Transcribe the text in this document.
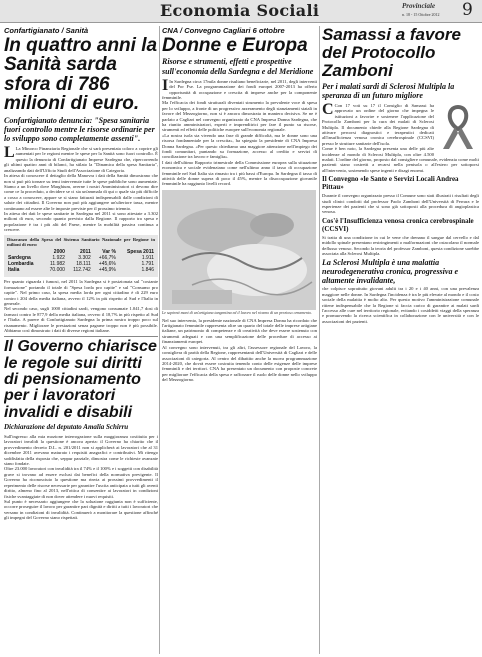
Economia Sociali	Provinciale
n. 18 - 15 Ottobre 2012 9

Confartigianato / Sanità

In quattro anni la Sanità sarda sfora di 786 milioni di euro.

Confartigianato denuncia: "Spesa sanitaria fuori controllo mentre le risorse ordinarie per lo sviluppo sono completamente assenti".

L La Minorco Finanziaria Regionale che si sarà presentata coloro a coprire gli aumentati per le regioni mentre le spese per la Sanità sono fuori controllo. È questo la denuncia di Confartigianato Imprese Sardegna che, ripercorrendo gli ultimi quattro anni di bilanci, ha stilato la "Dinamica della spesa Sanitaria", analizzando dati dell'Ufficio Studi dell'Associazione di Categoria.

In attesa di conoscere il dettaglio della Manovra i dati della Sanità dimostrano che non si può più tornare su temi intervenute tutte le spese pubbliche sono aumentate. Siamo a un livello dove Marghium, averne i nostri Amministratori ci devono dire come ce la proceduto, a decidere se ci sia un'ammala di qui o quale sia più difficile a cosso a conoscere, appare se si siano fatturati indispensabili dalle condizioni di salute dei cittadini. Il Governo non può più aggiungere un'ulteriore tassa, mentre continuano ad essere alte le imposte previste per il prossimo triennio.

In attesa dei dati le spese sanitarie in Sardegna nel 2011 si sono attestate a 3.302 milioni di euro, secondo quanto previsto dalla Regione. Il rapporto tra spesa e popolazione è tra i più alti del Paese, mentre la mobilità passiva continua a crescere.

Disavanzo della Spesa del Sistema Sanitario Nazionale per Regione in milioni di euro:

	2000	2011	Var %	Spesa 2011
Sardegna	1.922	3.302	+66,7%	1.911
Lombardia	11.982	18.111	+45,6%	1.791
Italia	70.000	112.742	+45,9%	1.846

Per quanto riguarda i fumosi, nel 2011 la Sardegna si è posizionata sul "costante formazione" portando il totale di "Spesa lorda pro capite" e sul "Consumo pro capite". Nel primo caso, la spesa media lorda per ogni cittadino è di 229 euro contro i 204 della media italiana, avvero il 12% in più rispetto al Sud e l'Italia in generale.

Nel secondo caso, sugli 1000 cittadini sardi, vengono consumate 1.041,7 dosi di farmaci contro le 877,9 della media italiana, ovvero il 18,7% in più rispetto al Sud e l'Italia. A parere di Confartigianato Sardegna la prima nostra troppo poco sul risanamento. Migliorare le prestazioni senza pagarne troppo non è più possibile. Abbiamo così dimostrato i dati di diverse regioni italiane.

Il Governo chiarisce le regole sui diritti di pensionamento per i lavoratori invalidi e disabili

Dichiarazione del deputato Amalia Schirru

Sull'ingresso alla mia mozione interrogazione sulla maggioranza costituita per i lavoratori invalidi la questione è ancora aperta: il Governo ha chiarito che il provvedimento decreto D.L. n. 201/2011 non si applicherà ai lavoratori che al 31 dicembre 2011 avevano maturato i requisiti anagrafici e contributivi. Mi ritengo soddisfatta della risposta che, seppur parziale, dimostra come le richieste avanzate siano fondate.

Oltre 23.000 lavoratori con invalidità tra il 74% e il 100% e i soggetti con disabilità grave si trovano ad essere esclusi dai benefici della normativa previgente. Il Governo ha riconosciuto la questione ma rinvia ai prossimi provvedimenti il reperimento delle risorse necessarie per garantire l'uscita anticipata a tutti gli aventi diritto, almeno fino al 2013, nell'ottica di consentire ai lavoratori in condizioni fisiche svantaggiate di non dover attendere i nuovi requisiti.

Sul punto è necessario aggiungere che la soluzione raggiunta non è sufficiente, occorre proseguire il lavoro per garantire pari dignità e diritti a tutti i lavoratori che versano in condizioni di invalidità. Continuerò a monitorare la questione affinché gli impegni del Governo siano rispettati.

CNA / Convegno Cagliari 6 ottobre

Donne e Europa

Risorse e strumenti, effetti e prospettive sull'economia della Sardegna e del Meridione

I In Sardegna circa 17mila donne risultano beneficiarie, nel 2011, degli interventi del Por Fse. La programmazione dei fondi europei 2007-2013 ha offerto opportunità di occupazione e crescita di imprese anche per la componente femminile.

Ma l'efficacia dei fondi strutturali diventati strumento la prevalente voce di spesa per lo sviluppo, a fronte di un progressivo azzeramento degli stanziamenti statali in favore del Mezzogiorno, non si è ancora dimostrata in maniera decisiva. Se ne è parlato a Cagliari nel convegno organizzato da CNA Impresa Donna Sardegna, che ha riunito amministratori, esperti e imprenditrici per fare il punto su risorse, strumenti ed effetti delle politiche europee sull'economia regionale.

«La nostra isola sta vivendo una fase di grande difficoltà, ma le donne sono una risorsa fondamentale per la crescita», ha spiegato la presidente di CNA Impresa Donna Sardegna. «Per questo chiediamo una maggiore attenzione nell'impiego dei fondi comunitari, puntando su formazione, accesso al credito e servizi di conciliazione tra lavoro e famiglia».

I dati dell'ultimo Rapporto trimestrale della Commissione europea sulla situazione economica e sociale evidenziano come nell'ultimo anno il tasso di occupazione femminile nel Sud Italia sia rimasto tra i più bassi d'Europa. In Sardegna il tasso di attività delle donne supera di poco il 45%, mentre la disoccupazione giovanile femminile ha raggiunto livelli record.

Le sapienti mani di un'artigiana tangentina ed il lavoro nel ricamo di un prezioso ornamento.

Nel suo intervento, la presidente nazionale di CNA Impresa Donna ha ricordato che l'artigianato femminile rappresenta oltre un quarto del totale delle imprese artigiane italiane, un patrimonio di competenze e di creatività che deve essere sostenuto con strumenti adeguati e con una semplificazione delle procedure di accesso ai finanziamenti europei.

Al convegno sono intervenuti, tra gli altri, l'assessore regionale del Lavoro, la consigliera di parità della Regione, rappresentanti dell'Università di Cagliari e delle associazioni di categoria. Al centro del dibattito anche la nuova programmazione 2014-2020, che dovrà essere costruita tenendo conto delle esigenze delle imprese femminili e dei territori. CNA ha presentato un documento con proposte concrete per migliorare l'efficacia della spesa e rafforzare il ruolo delle donne nello sviluppo del Mezzogiorno.

Samassi a favore del Protocollo Zamboni

Per i malati sardi di Sclerosi Multipla la speranza di un futuro migliore

C Con 17 voti su 17 il Consiglio di Samassi ha approvato un ordine del giorno che impegna le istituzioni a favorire e sostenere l'applicazione del Protocollo Zamboni per la cura dei malati di Sclerosi Multipla. Il documento chiede alla Regione Sardegna di attivare percorsi diagnostici e terapeutici dedicati all'insufficienza venosa cronica cerebrospinale (CCSVI) presso le strutture sanitarie dell'isola.

Come è ben noto, la Sardegna presenta una delle più alte incidenze al mondo di Sclerosi Multipla, con oltre 4.500 malati. L'ordine del giorno, proposto dal consigliere comunale, evidenzia come molti pazienti siano costretti a recarsi nella penisola o all'estero per sottoporsi all'intervento, sostenendo spese ingenti e disagi enormi.

Il Convegno «le Sante e Servizi Locali Andrea Pittau»

Durante il convegno organizzato presso il Comune sono stati illustrati i risultati degli studi clinici condotti dal professor Paolo Zamboni dell'Università di Ferrara e le esperienze dei pazienti che si sono già sottoposti alla procedura di angioplastica venosa.

Cos'è l'Insufficienza venosa cronica cerebrospinale (CCSVI)

Si tratta di una condizione in cui le vene che drenano il sangue dal cervello e dal midollo spinale presentano restringimenti o malformazioni che ostacolano il normale deflusso venoso. Secondo la teoria del professor Zamboni, questa condizione sarebbe associata alla Sclerosi Multipla.

La Sclerosi Multipla è una malattia neurodegenerativa cronica, progressiva e altamente invalidante,

che colpisce soprattutto giovani adulti tra i 20 e i 40 anni, con una prevalenza maggiore nelle donne. In Sardegna l'incidenza è tra le più elevate al mondo e il costo sociale della malattia è molto alto. Per questo motivo l'amministrazione comunale ritiene indispensabile che la Regione si faccia carico di garantire ai malati sardi l'accesso alle cure nel territorio regionale, evitando i cosiddetti viaggi della speranza e promuovendo la ricerca scientifica in collaborazione con le università e con le associazioni dei pazienti.
